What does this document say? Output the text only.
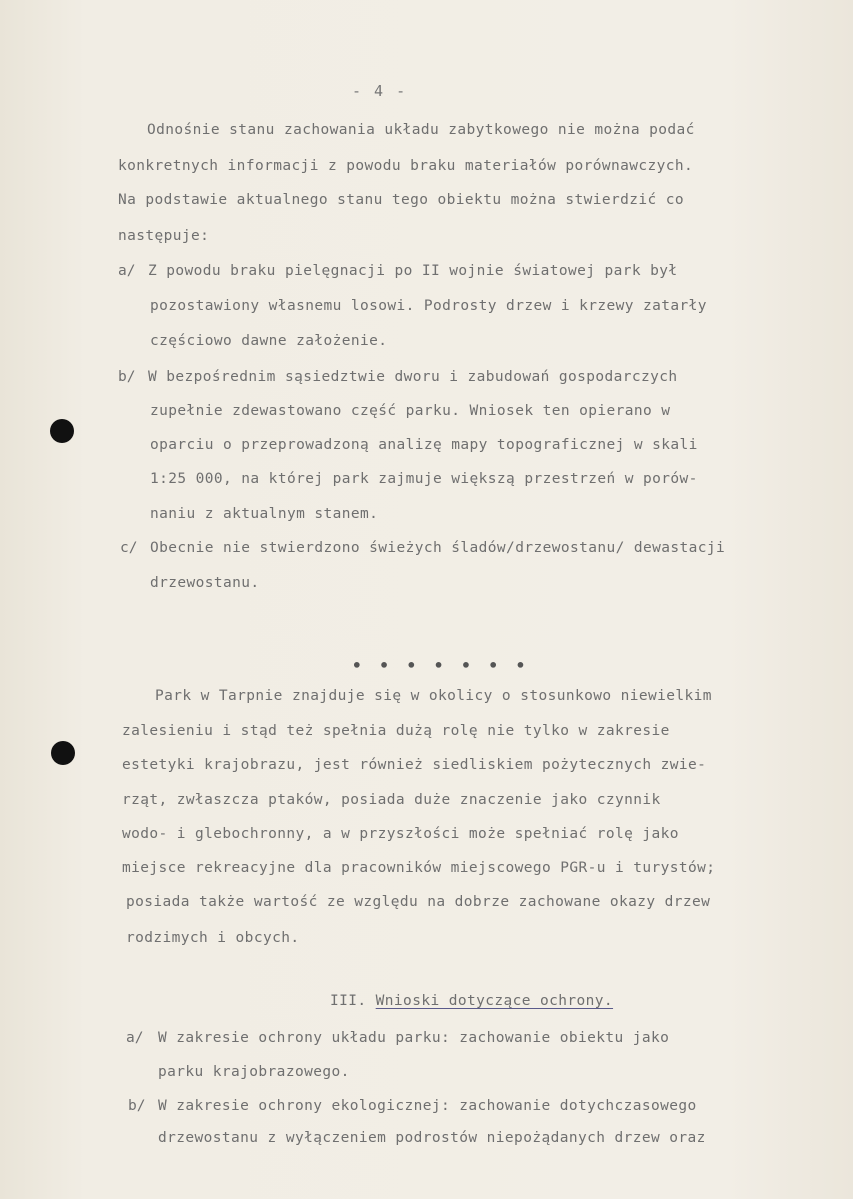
- 4 -
Odnośnie stanu zachowania układu zabytkowego nie można podać
konkretnych informacji z powodu braku materiałów porównawczych.
Na podstawie aktualnego stanu tego obiektu można stwierdzić co
następuje:
a/ Z powodu braku pielęgnacji po II wojnie światowej park był
pozostawiony własnemu losowi. Podrosty drzew i krzewy zatarły
częściowo dawne założenie.
b/ W bezpośrednim sąsiedztwie dworu i zabudowań gospodarczych
zupełnie zdewastowano część parku. Wniosek ten opierano w
oparciu o przeprowadzoną analizę mapy topograficznej w skali
1:25 000, na której park zajmuje większą przestrzeń w porów-
naniu z aktualnym stanem.
c/ Obecnie nie stwierdzono świeżych śladów/drzewostanu/ dewastacji
drzewostanu.
• • • • • • •
Park w Tarpnie znajduje się w okolicy o stosunkowo niewielkim
zalesieniu i stąd też spełnia dużą rolę nie tylko w zakresie
estetyki krajobrazu, jest również siedliskiem pożytecznych zwie-
rząt, zwłaszcza ptaków, posiada duże znaczenie jako czynnik
wodo- i glebochronny, a w przyszłości może spełniać rolę jako
miejsce rekreacyjne dla pracowników miejscowego PGR-u i turystów;
posiada także wartość ze względu na dobrze zachowane okazy drzew
rodzimych i obcych.
III. Wnioski dotyczące ochrony.
a/ W zakresie ochrony układu parku: zachowanie obiektu jako
parku krajobrazowego.
b/ W zakresie ochrony ekologicznej: zachowanie dotychczasowego
drzewostanu z wyłączeniem podrostów niepożądanych drzew oraz
